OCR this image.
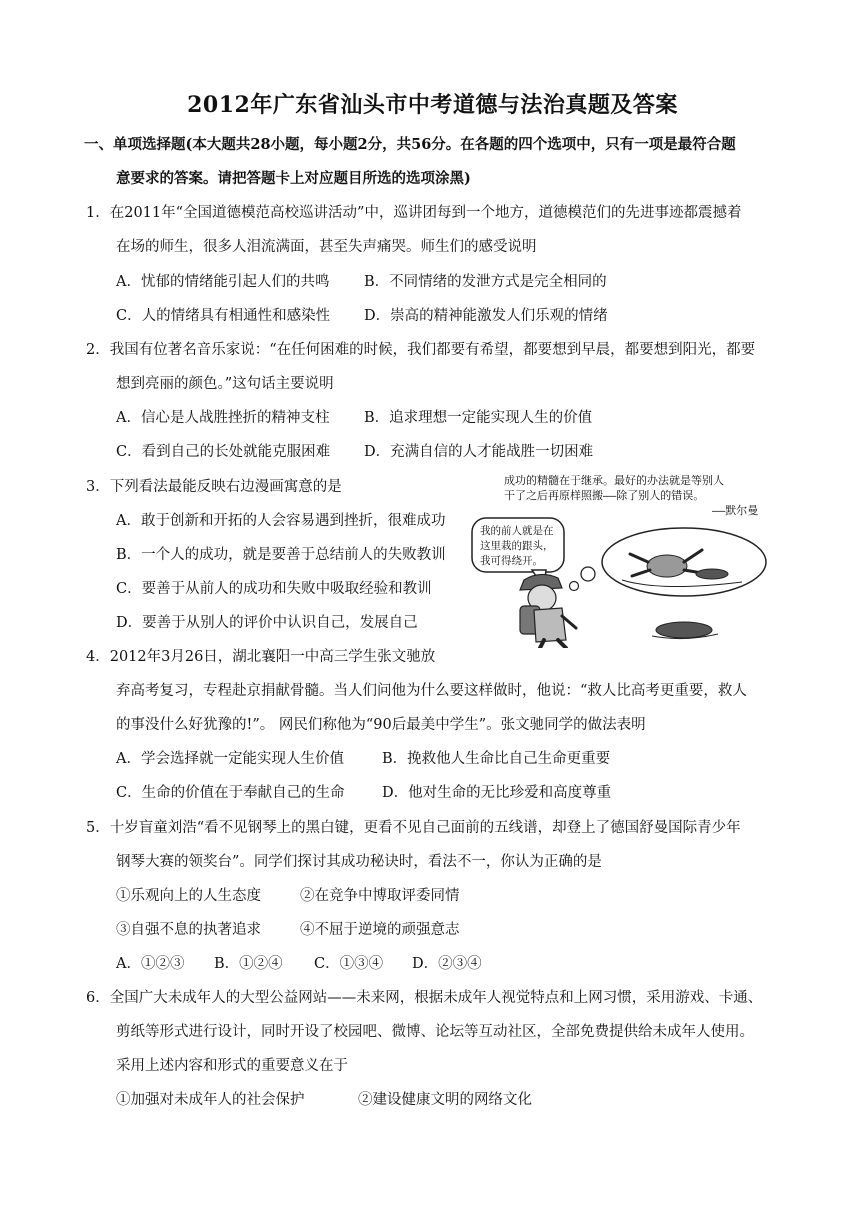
2012年广东省汕头市中考道德与法治真题及答案
一、单项选择题(本大题共28小题，每小题2分，共56分。在各题的四个选项中，只有一项是最符合题
意要求的答案。请把答题卡上对应题目所选的选项涂黑)
1．在2011年“全国道德模范高校巡讲活动”中，巡讲团每到一个地方，道德模范们的先进事迹都震撼着
在场的师生，很多人泪流满面，甚至失声痛哭。师生们的感受说明
A．忧郁的情绪能引起人们的共鸣 B．不同情绪的发泄方式是完全相同的
C．人的情绪具有相通性和感染性 D．崇高的精神能激发人们乐观的情绪
2．我国有位著名音乐家说：“在任何困难的时候，我们都要有希望，都要想到早晨，都要想到阳光，都要
想到亮丽的颜色。”这句话主要说明
A．信心是人战胜挫折的精神支柱 B．追求理想一定能实现人生的价值
C．看到自己的长处就能克服困难 D．充满自信的人才能战胜一切困难
3．下列看法最能反映右边漫画寓意的是
A．敢于创新和开拓的人会容易遇到挫折，很难成功
B．一个人的成功，就是要善于总结前人的失败教训
C．要善于从前人的成功和失败中吸取经验和教训
D．要善于从别人的评价中认识自己，发展自己
成功的精髓在于继承。最好的办法就是等别人
干了之后再原样照搬——除了别人的错误。
——默尔曼
我的前人就是在
这里栽的跟头，
我可得绕开。
4．2012年3月26日，湖北襄阳一中高三学生张文驰放
弃高考复习，专程赴京捐献骨髓。当人们问他为什么要这样做时，他说：“救人比高考更重要，救人
的事没什么好犹豫的!”。 网民们称他为“90后最美中学生”。张文驰同学的做法表明
A．学会选择就一定能实现人生价值	B．挽救他人生命比自己生命更重要
C．生命的价值在于奉献自己的生命	D．他对生命的无比珍爱和高度尊重
5．十岁盲童刘浩“看不见钢琴上的黑白键，更看不见自己面前的五线谱，却登上了德国舒曼国际青少年
钢琴大赛的领奖台”。同学们探讨其成功秘诀时，看法不一，你认为正确的是
①乐观向上的人生态度	②在竞争中博取评委同情
③自强不息的执著追求	④不屈于逆境的顽强意志
A．①②③ B．①②④ C．①③④ D．②③④
6．全国广大未成年人的大型公益网站——未来网，根据未成年人视觉特点和上网习惯，采用游戏、卡通、
剪纸等形式进行设计，同时开设了校园吧、微博、论坛等互动社区，全部免费提供给未成年人使用。
采用上述内容和形式的重要意义在于
①加强对未成年人的社会保护	②建设健康文明的网络文化
